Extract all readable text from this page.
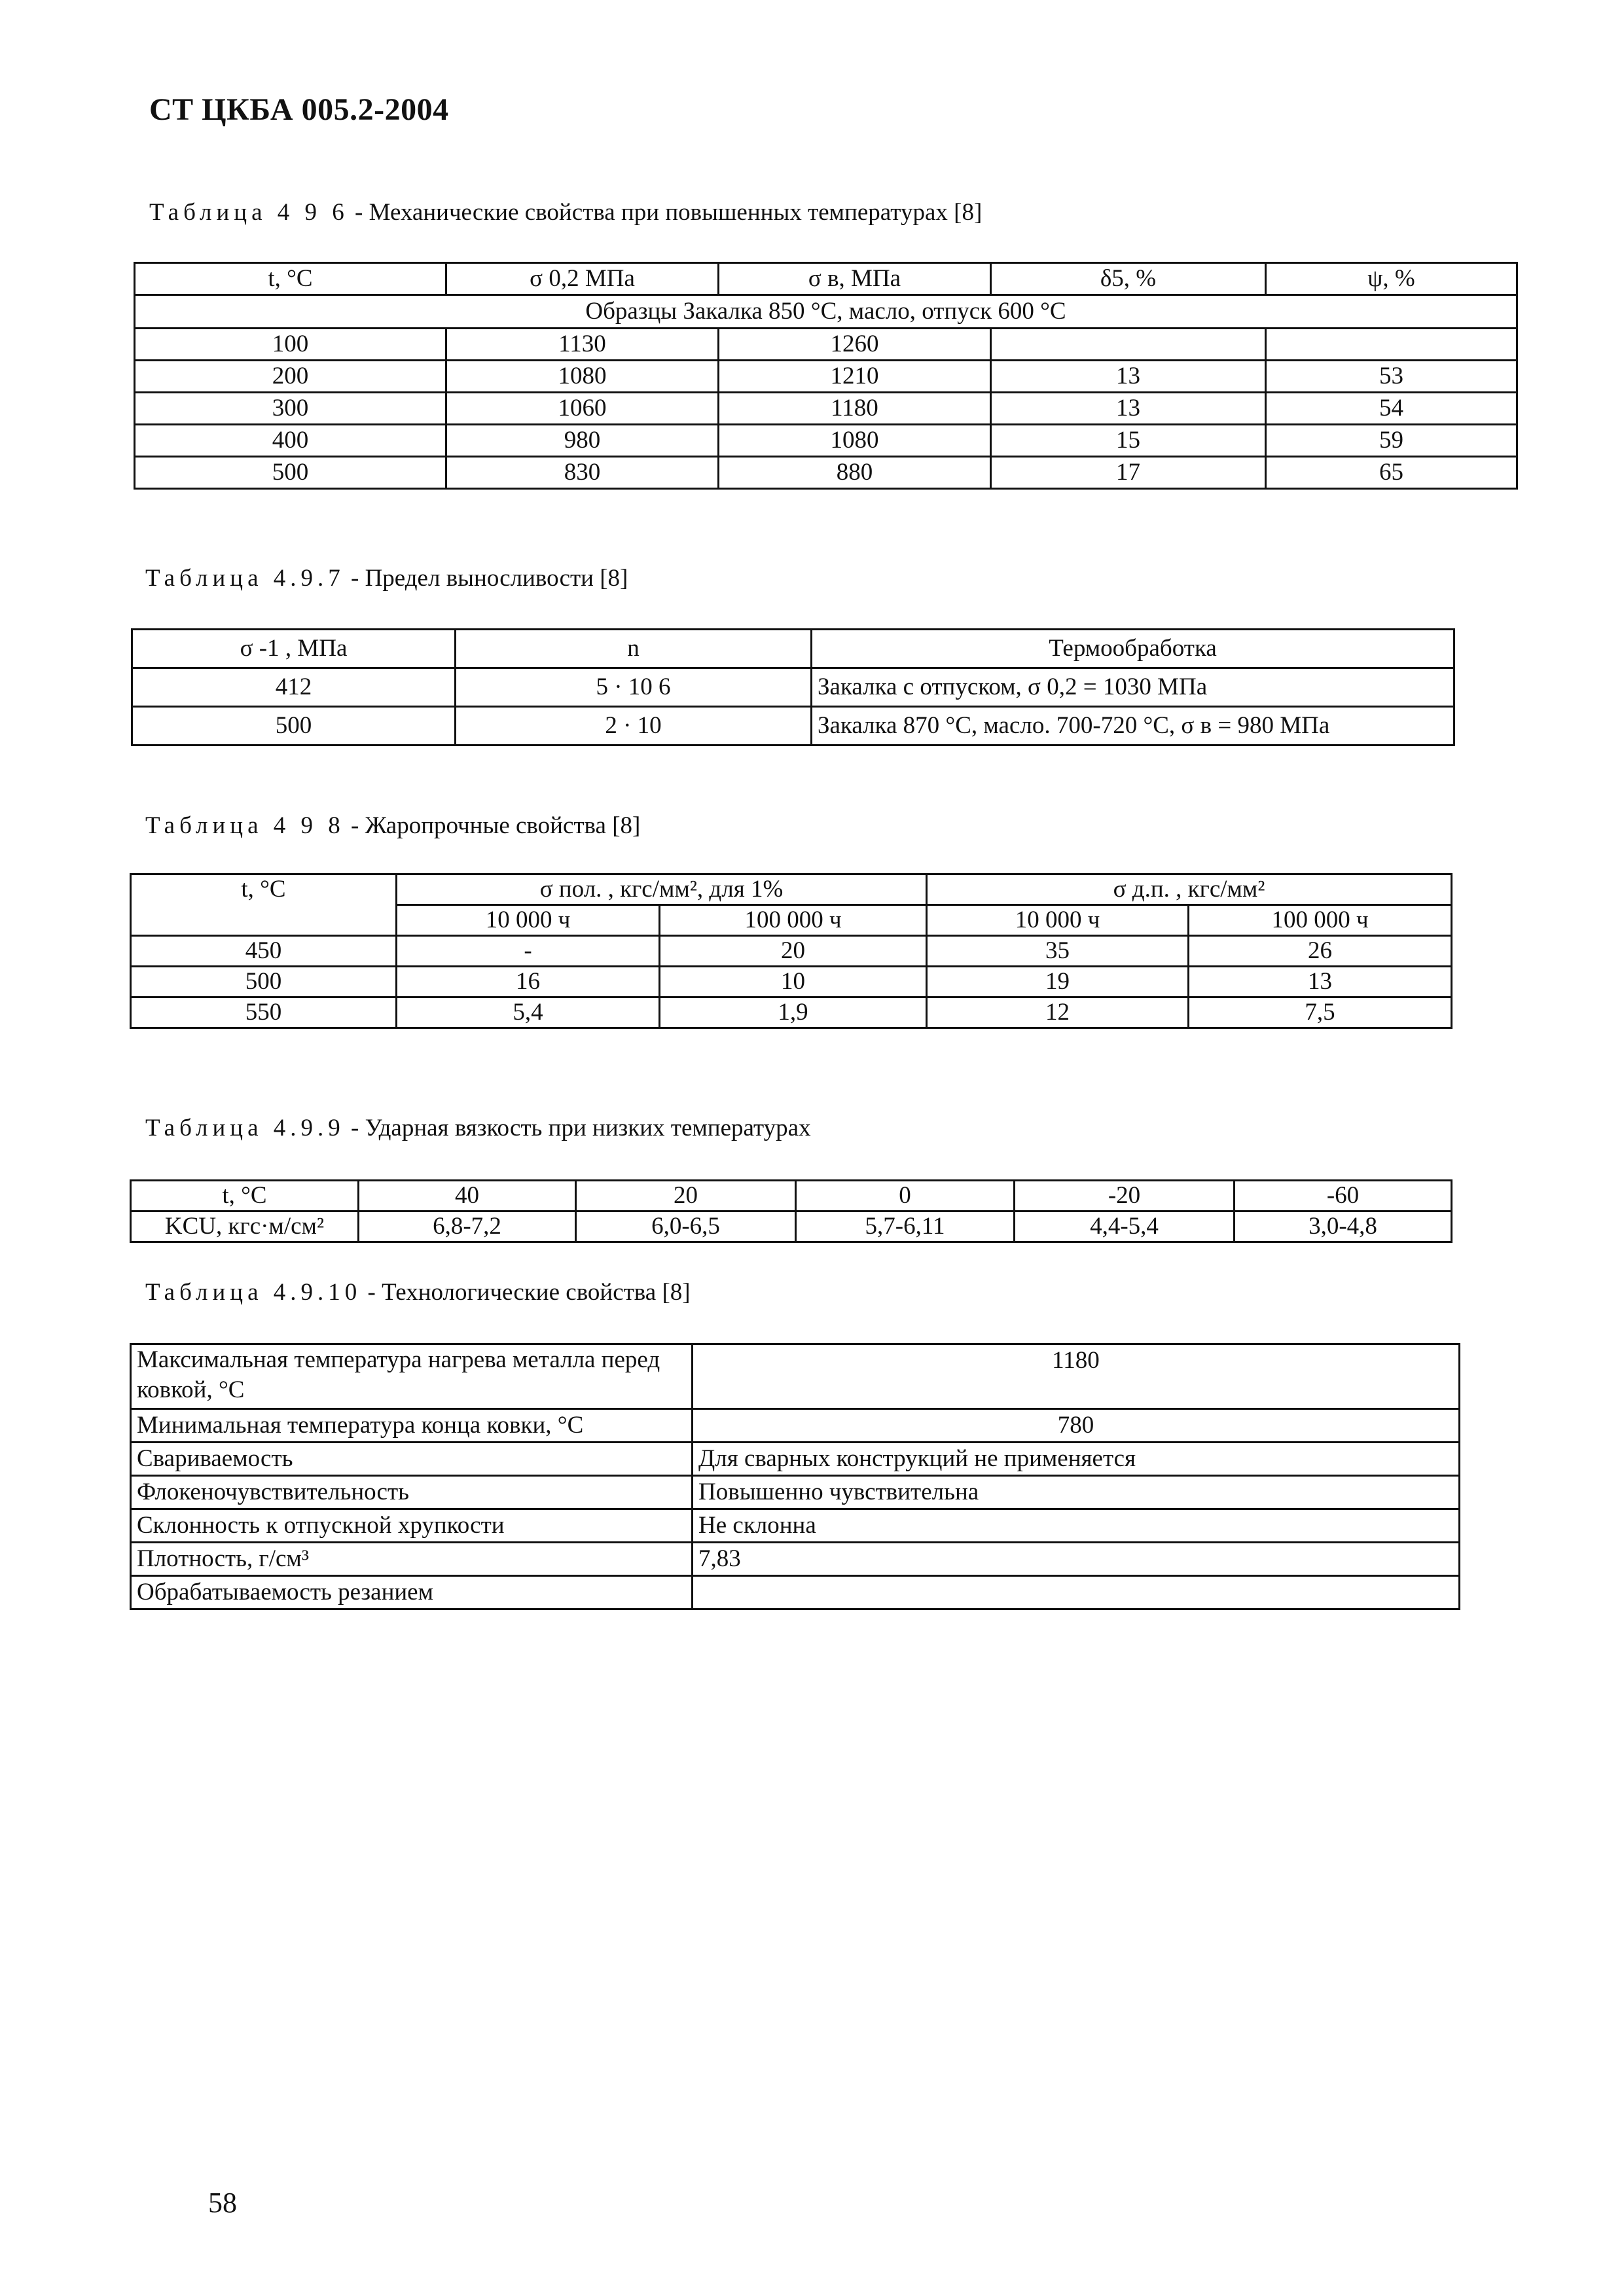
СТ ЦКБА 005.2-2004
Таблица 4 9 6 - Механические свойства при повышенных температурах [8]
t, °C	σ 0,2 МПа	σ в, МПа	δ5, %	ψ, %
Образцы Закалка 850 °C, масло, отпуск 600 °C				
100	1130	1260		
200	1080	1210	13	53
300	1060	1180	13	54
400	980	1080	15	59
500	830	880	17	65
Таблица 4.9.7 - Предел выносливости [8]
σ -1 , МПа	n	Термообработка
412	5 · 10 6	Закалка с отпуском, σ 0,2 = 1030 МПа
500	2 · 10	Закалка 870 °C, масло. 700-720 °C, σ в = 980 МПа
Таблица 4 9 8 - Жаропрочные свойства [8]
t, °C	σ пол. , кгс/мм², для 1%		σ д.п. , кгс/мм²	
	10 000 ч	100 000 ч	10 000 ч	100 000 ч
450	-	20	35	26
500	16	10	19	13
550	5,4	1,9	12	7,5
Таблица 4.9.9 - Ударная вязкость при низких температурах
t, °C	40	20	0	-20	-60
KCU, кгс·м/см²	6,8-7,2	6,0-6,5	5,7-6,11	4,4-5,4	3,0-4,8
Таблица 4.9.10 - Технологические свойства [8]
Максимальная температура нагрева металла перед ковкой, °C	1180
Минимальная температура конца ковки, °C	780
Свариваемость	Для сварных конструкций не применяется
Флокеночувствительность	Повышенно чувствительна
Склонность к отпускной хрупкости	Не склонна
Плотность, г/см³	7,83
Обрабатываемость резанием	
58
